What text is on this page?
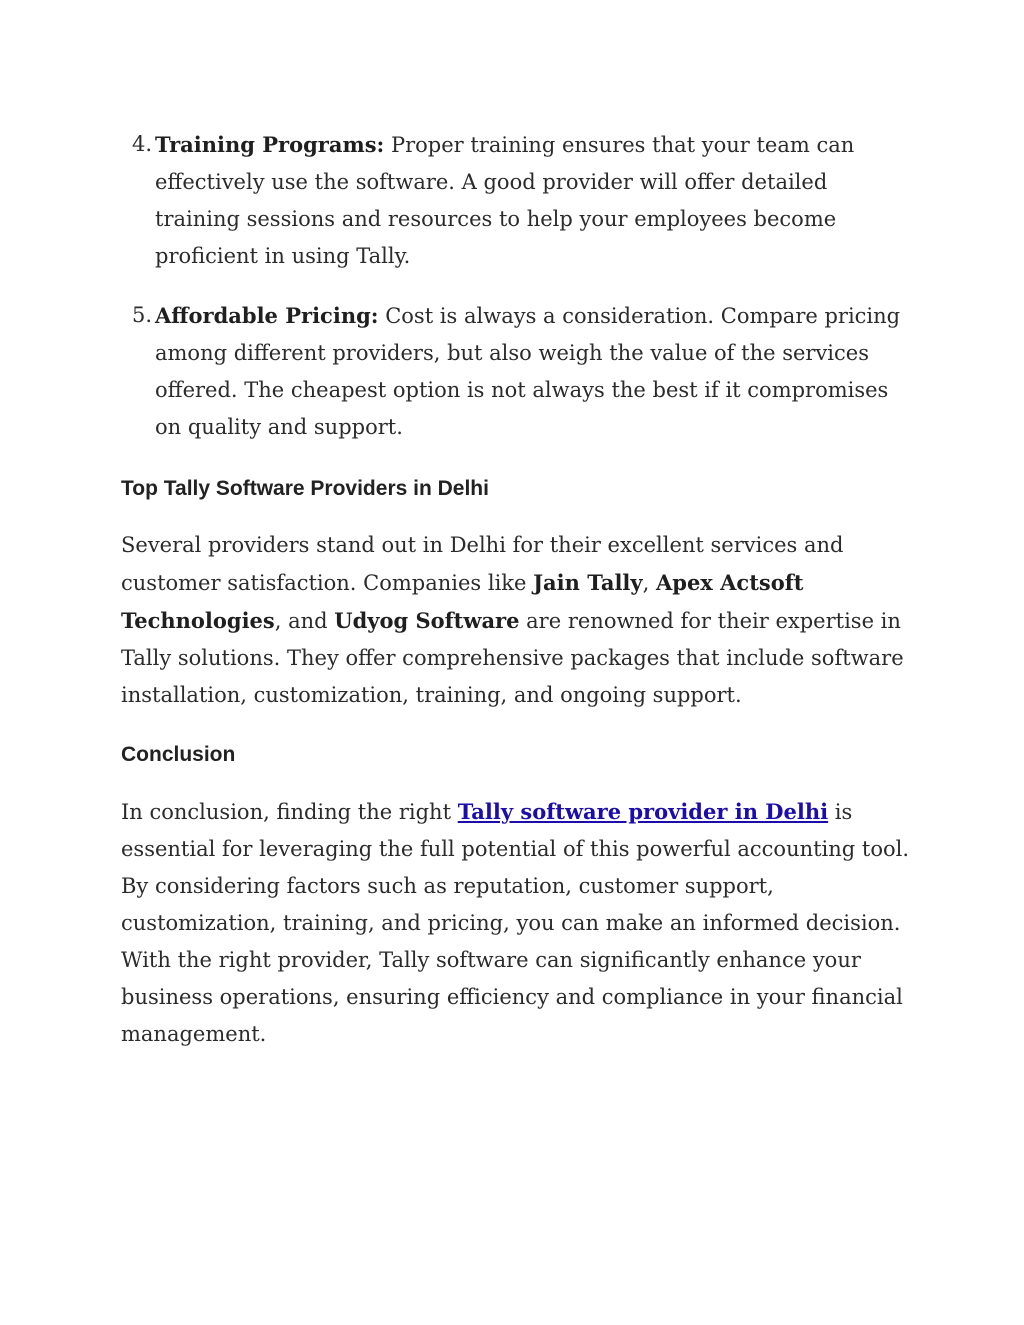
4. Training Programs: Proper training ensures that your team can effectively use the software. A good provider will offer detailed training sessions and resources to help your employees become proficient in using Tally.
5. Affordable Pricing: Cost is always a consideration. Compare pricing among different providers, but also weigh the value of the services offered. The cheapest option is not always the best if it compromises on quality and support.
Top Tally Software Providers in Delhi
Several providers stand out in Delhi for their excellent services and customer satisfaction. Companies like Jain Tally, Apex Actsoft Technologies, and Udyog Software are renowned for their expertise in Tally solutions. They offer comprehensive packages that include software installation, customization, training, and ongoing support.
Conclusion
In conclusion, finding the right Tally software provider in Delhi is essential for leveraging the full potential of this powerful accounting tool. By considering factors such as reputation, customer support, customization, training, and pricing, you can make an informed decision. With the right provider, Tally software can significantly enhance your business operations, ensuring efficiency and compliance in your financial management.
